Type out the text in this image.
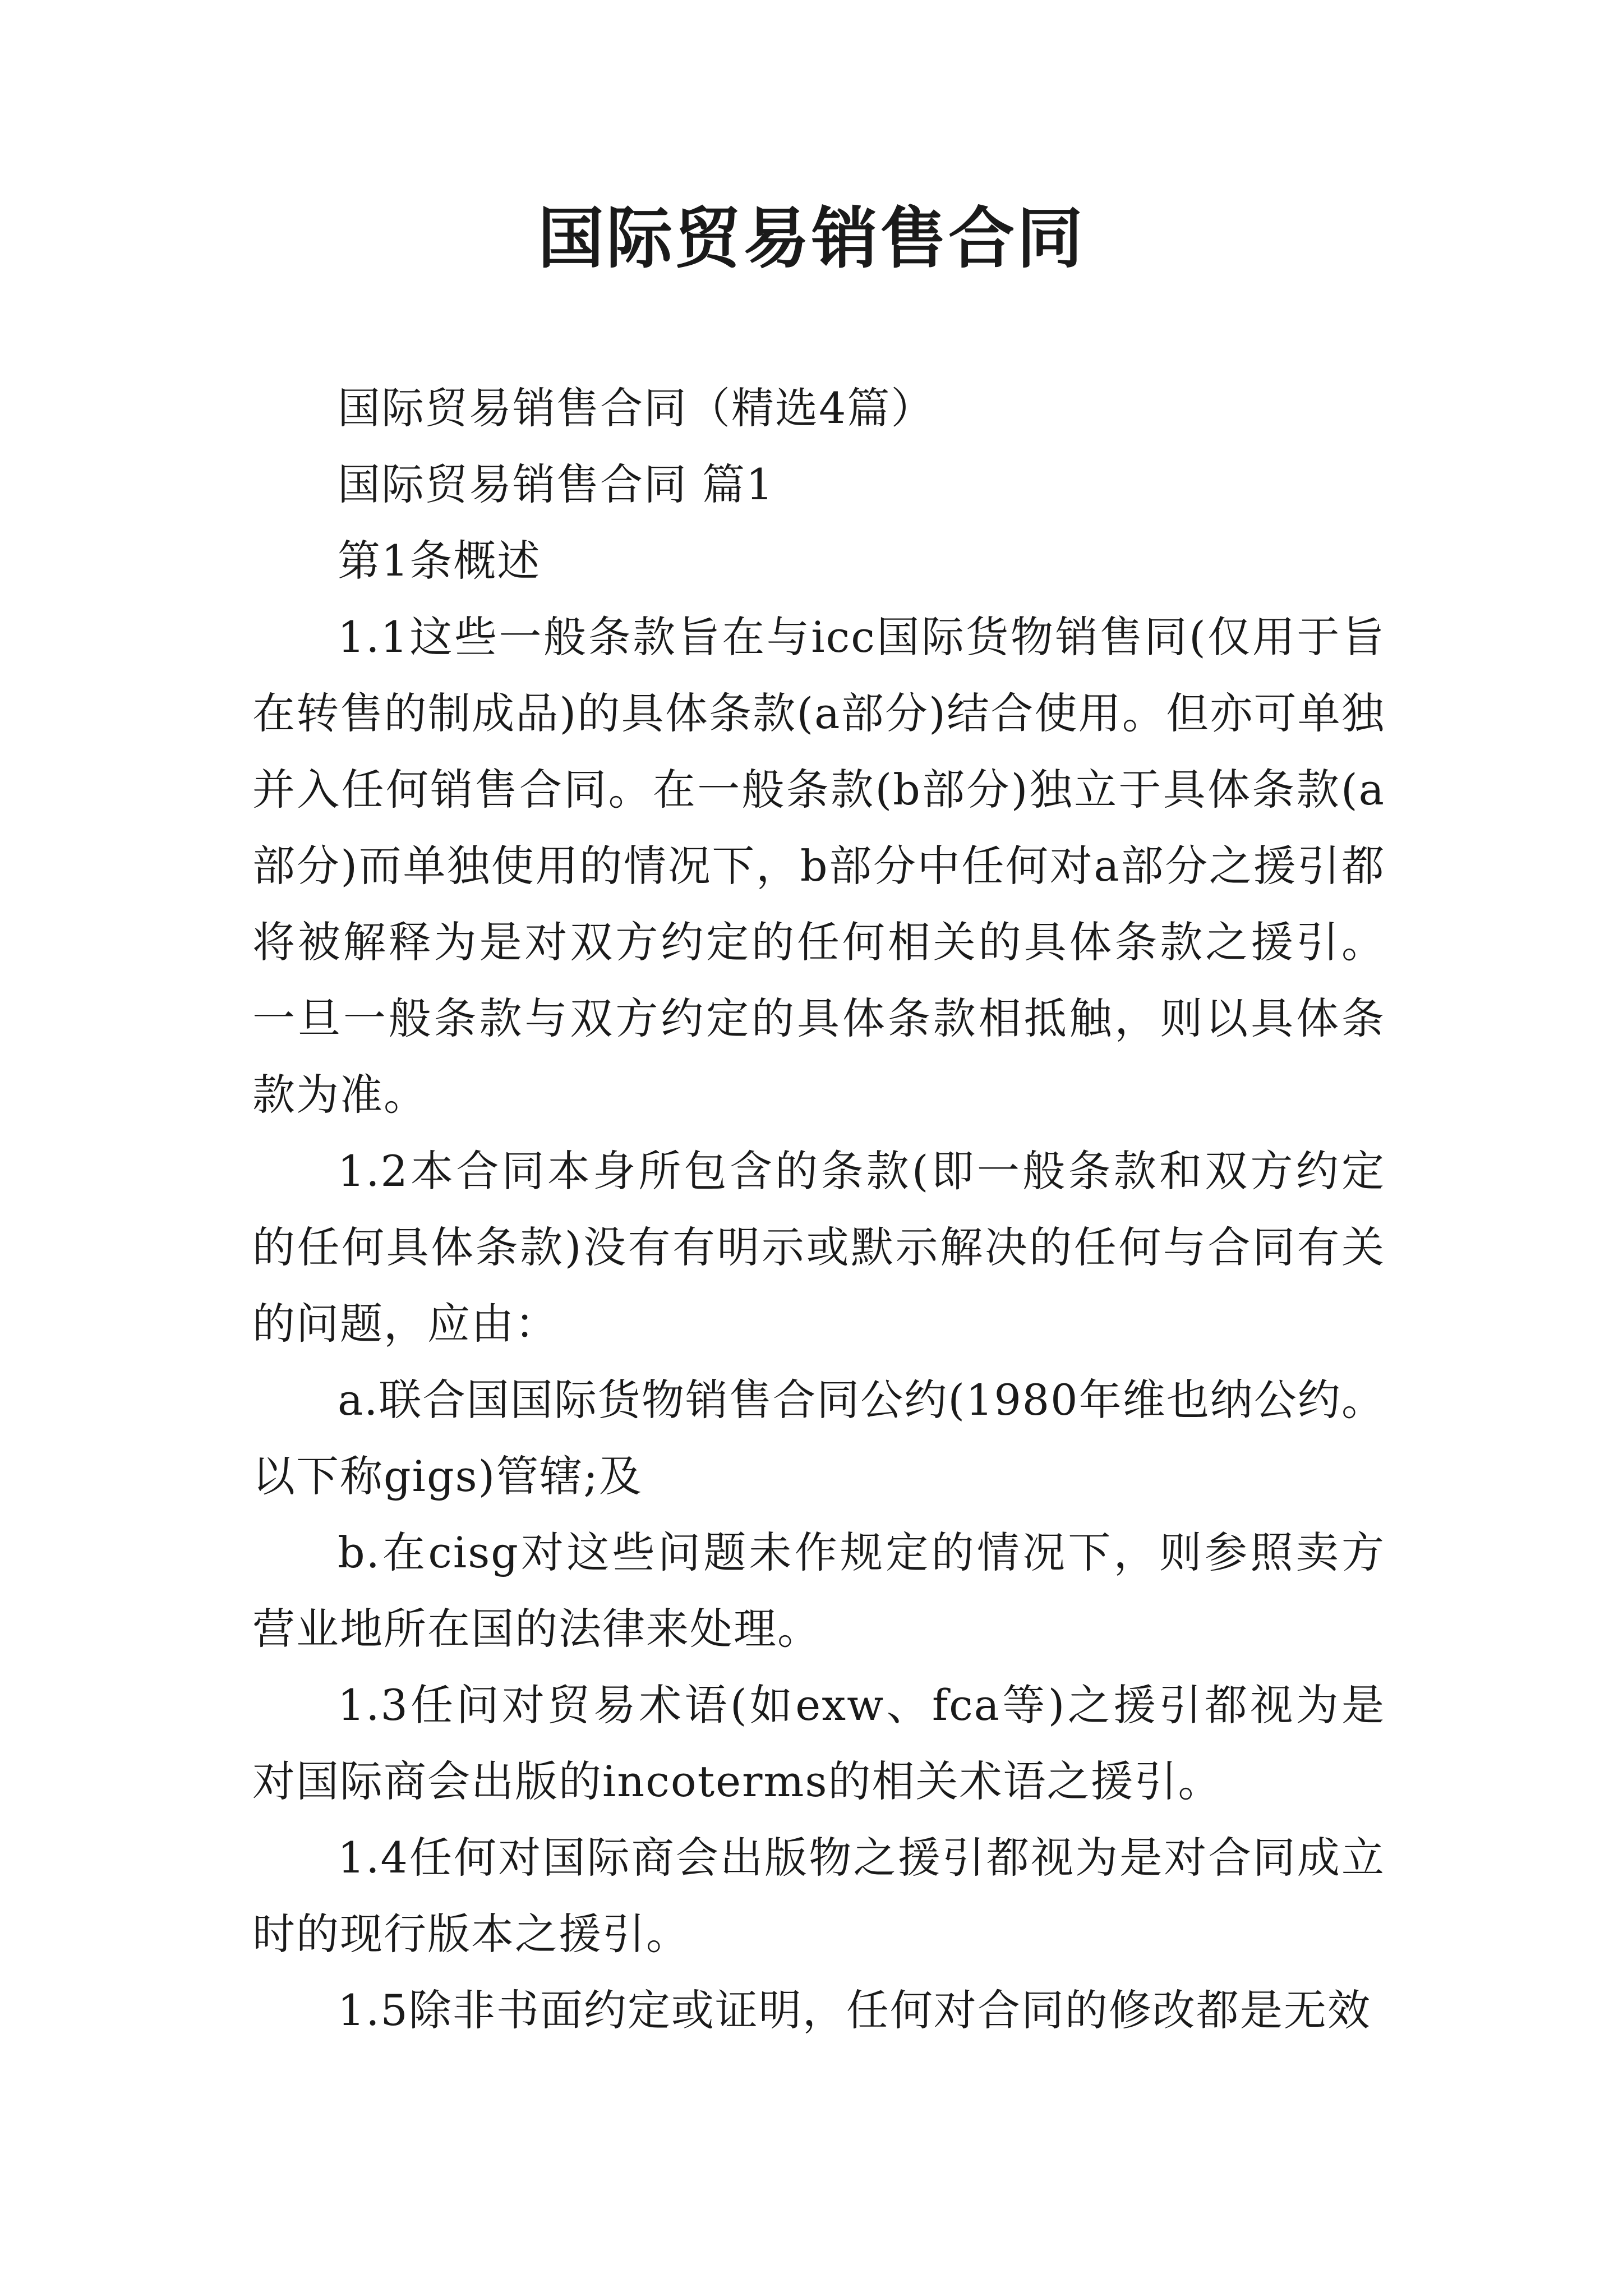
国际贸易销售合同

国际贸易销售合同（精选4篇）

国际贸易销售合同 篇1

第1条概述

1.1这些一般条款旨在与icc国际货物销售同(仅用于旨在转售的制成品)的具体条款(a部分)结合使用。但亦可单独并入任何销售合同。在一般条款(b部分)独立于具体条款(a部分)而单独使用的情况下，b部分中任何对a部分之援引都将被解释为是对双方约定的任何相关的具体条款之援引。一旦一般条款与双方约定的具体条款相抵触，则以具体条款为准。

1.2本合同本身所包含的条款(即一般条款和双方约定的任何具体条款)没有有明示或默示解决的任何与合同有关的问题，应由：

a.联合国国际货物销售合同公约(1980年维也纳公约。以下称gigs)管辖;及

b.在cisg对这些问题未作规定的情况下，则参照卖方营业地所在国的法律来处理。

1.3任问对贸易术语(如exw、fca等)之援引都视为是对国际商会出版的incoterms的相关术语之援引。

1.4任何对国际商会出版物之援引都视为是对合同成立时的现行版本之援引。

1.5除非书面约定或证明，任何对合同的修改都是无效
